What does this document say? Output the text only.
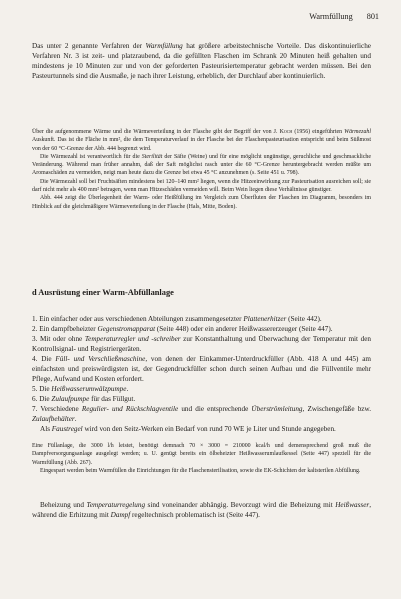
Warmfüllung 801

Das unter 2 genannte Verfahren der Warmfüllung hat größere arbeitstechnische Vorteile. Das diskontinuierliche Verfahren Nr. 3 ist zeit- und platzraubend, da die gefüllten Flaschen im Schrank 20 Minuten heiß gehalten und mindestens je 10 Minuten zur und von der geforderten Pasteurisiertemperatur gebracht werden müssen. Bei den Pasteurtunnels sind die Ausmaße, je nach ihrer Leistung, erheblich, der Durchlauf aber kontinuierlich.

Über die aufgenommene Wärme und die Wärmeverteilung in der Flasche gibt der Begriff der von J. Koch (1956) eingeführten Wärmezahl Auskunft. Das ist die Fläche in mm², die dem Temperaturverlauf in der Flasche bei der Flaschenpasteurisation entspricht und beim Süßmost von der 60 °C-Grenze der Abb. 444 begrenzt wird.

Die Wärmezahl ist verantwortlich für die Sterilität der Säfte (Weine) und für eine möglicht ungünstige, geruchliche und geschmackliche Veränderung. Während man früher annahm, daß der Saft möglichst rasch unter die 60 °C-Grenze heruntergebracht werden müßte um Aromaschäden zu vermeiden, neigt man heute dazu die Grenze bei etwa 45 °C anzunehmen (s. Seite 451 u. 798).

Die Wärmezahl soll bei Fruchtsäften mindestens bei 120–140 mm² liegen, wenn die Hitzeeinwirkung zur Pasteurisation ausreichen soll; sie darf nicht mehr als 400 mm² betragen, wenn man Hitzeschäden vermeiden will. Beim Wein liegen diese Verhältnisse günstiger.

Abb. 444 zeigt die Überlegenheit der Warm- oder Heißfüllung im Vergleich zum Überfluten der Flaschen im Diagramm, besonders im Hinblick auf die gleichmäßigere Wärmeverteilung in der Flasche (Hals, Mitte, Boden).

d Ausrüstung einer Warm-Abfüllanlage

1. Ein einfacher oder aus verschiedenen Abteilungen zusammengesetzter Plattenerhitzer (Seite 442).

2. Ein dampfbeheizter Gegenstromapparat (Seite 448) oder ein anderer Heißwassererzeuger (Seite 447).

3. Mit oder ohne Temperaturregler und -schreiber zur Konstanthaltung und Überwachung der Temperatur mit den Kontrollsignal- und Registriergeräten.

4. Die Füll- und Verschließmaschine, von denen der Einkammer-Unterdruckfüller (Abb. 418 A und 445) am einfachsten und preiswürdigsten ist, der Gegendruckfüller schon durch seinen Aufbau und die Füllventile mehr Pflege, Aufwand und Kosten erfordert.

5. Die Heißwasserumwälzpumpe.

6. Die Zulaufpumpe für das Füllgut.

7. Verschiedene Regulier- und Rückschlagventile und die entsprechende Überströmleitung, Zwischengefäße bzw. Zulaufbehälter.

Als Faustregel wird von den Seitz-Werken ein Bedarf von rund 70 WE je Liter und Stunde angegeben.

Eine Füllanlage, die 3000 l/h leistet, benötigt demnach 70 × 3000 = 210000 kcal/h und demensprechend groß muß die Dampfversorgungsanlage ausgelegt werden; u. U. genügt bereits ein ölbeheizter Heißwasserumlaufkessel (Seite 447) speziell für die Warmfüllung (Abb. 267).

Eingespart werden beim Warmfüllen die Einrichtungen für die Flaschensterilisation, sowie die EK-Schichten der kaltsterilen Abfüllung.

Beheizung und Temperaturregelung sind voneinander abhängig. Bevorzugt wird die Beheizung mit Heißwasser, während die Erhitzung mit Dampf regeltechnisch problematisch ist (Seite 447).
